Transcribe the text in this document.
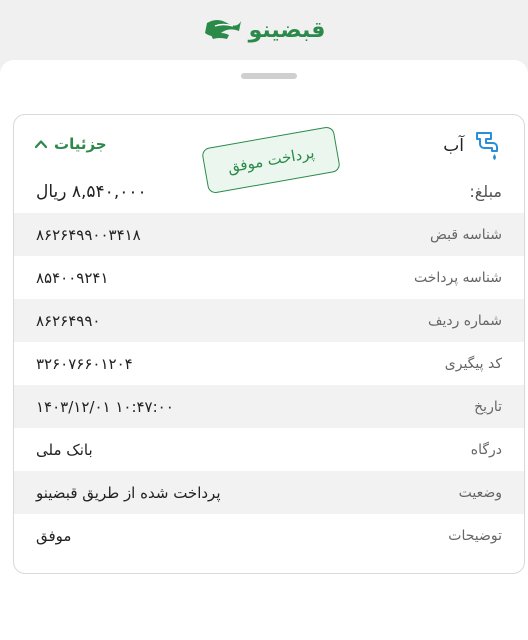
قبضینو
آب
پرداخت موفق
جزئیات
۸,۵۴۰,۰۰۰ ریال	مبلغ:
۸۶۲۶۴۹۹۰۰۳۴۱۸	شناسه قبض
۸۵۴۰۰۹۲۴۱	شناسه پرداخت
۸۶۲۶۴۹۹۰	شماره ردیف
۳۲۶۰۷۶۶۰۱۲۰۴	کد پیگیری
۱۴۰۳/۱۲/۰۱ ۱۰:۴۷:۰۰	تاریخ
بانک ملی	درگاه
پرداخت شده از طریق قبضینو	وضعیت
موفق	توضیحات
